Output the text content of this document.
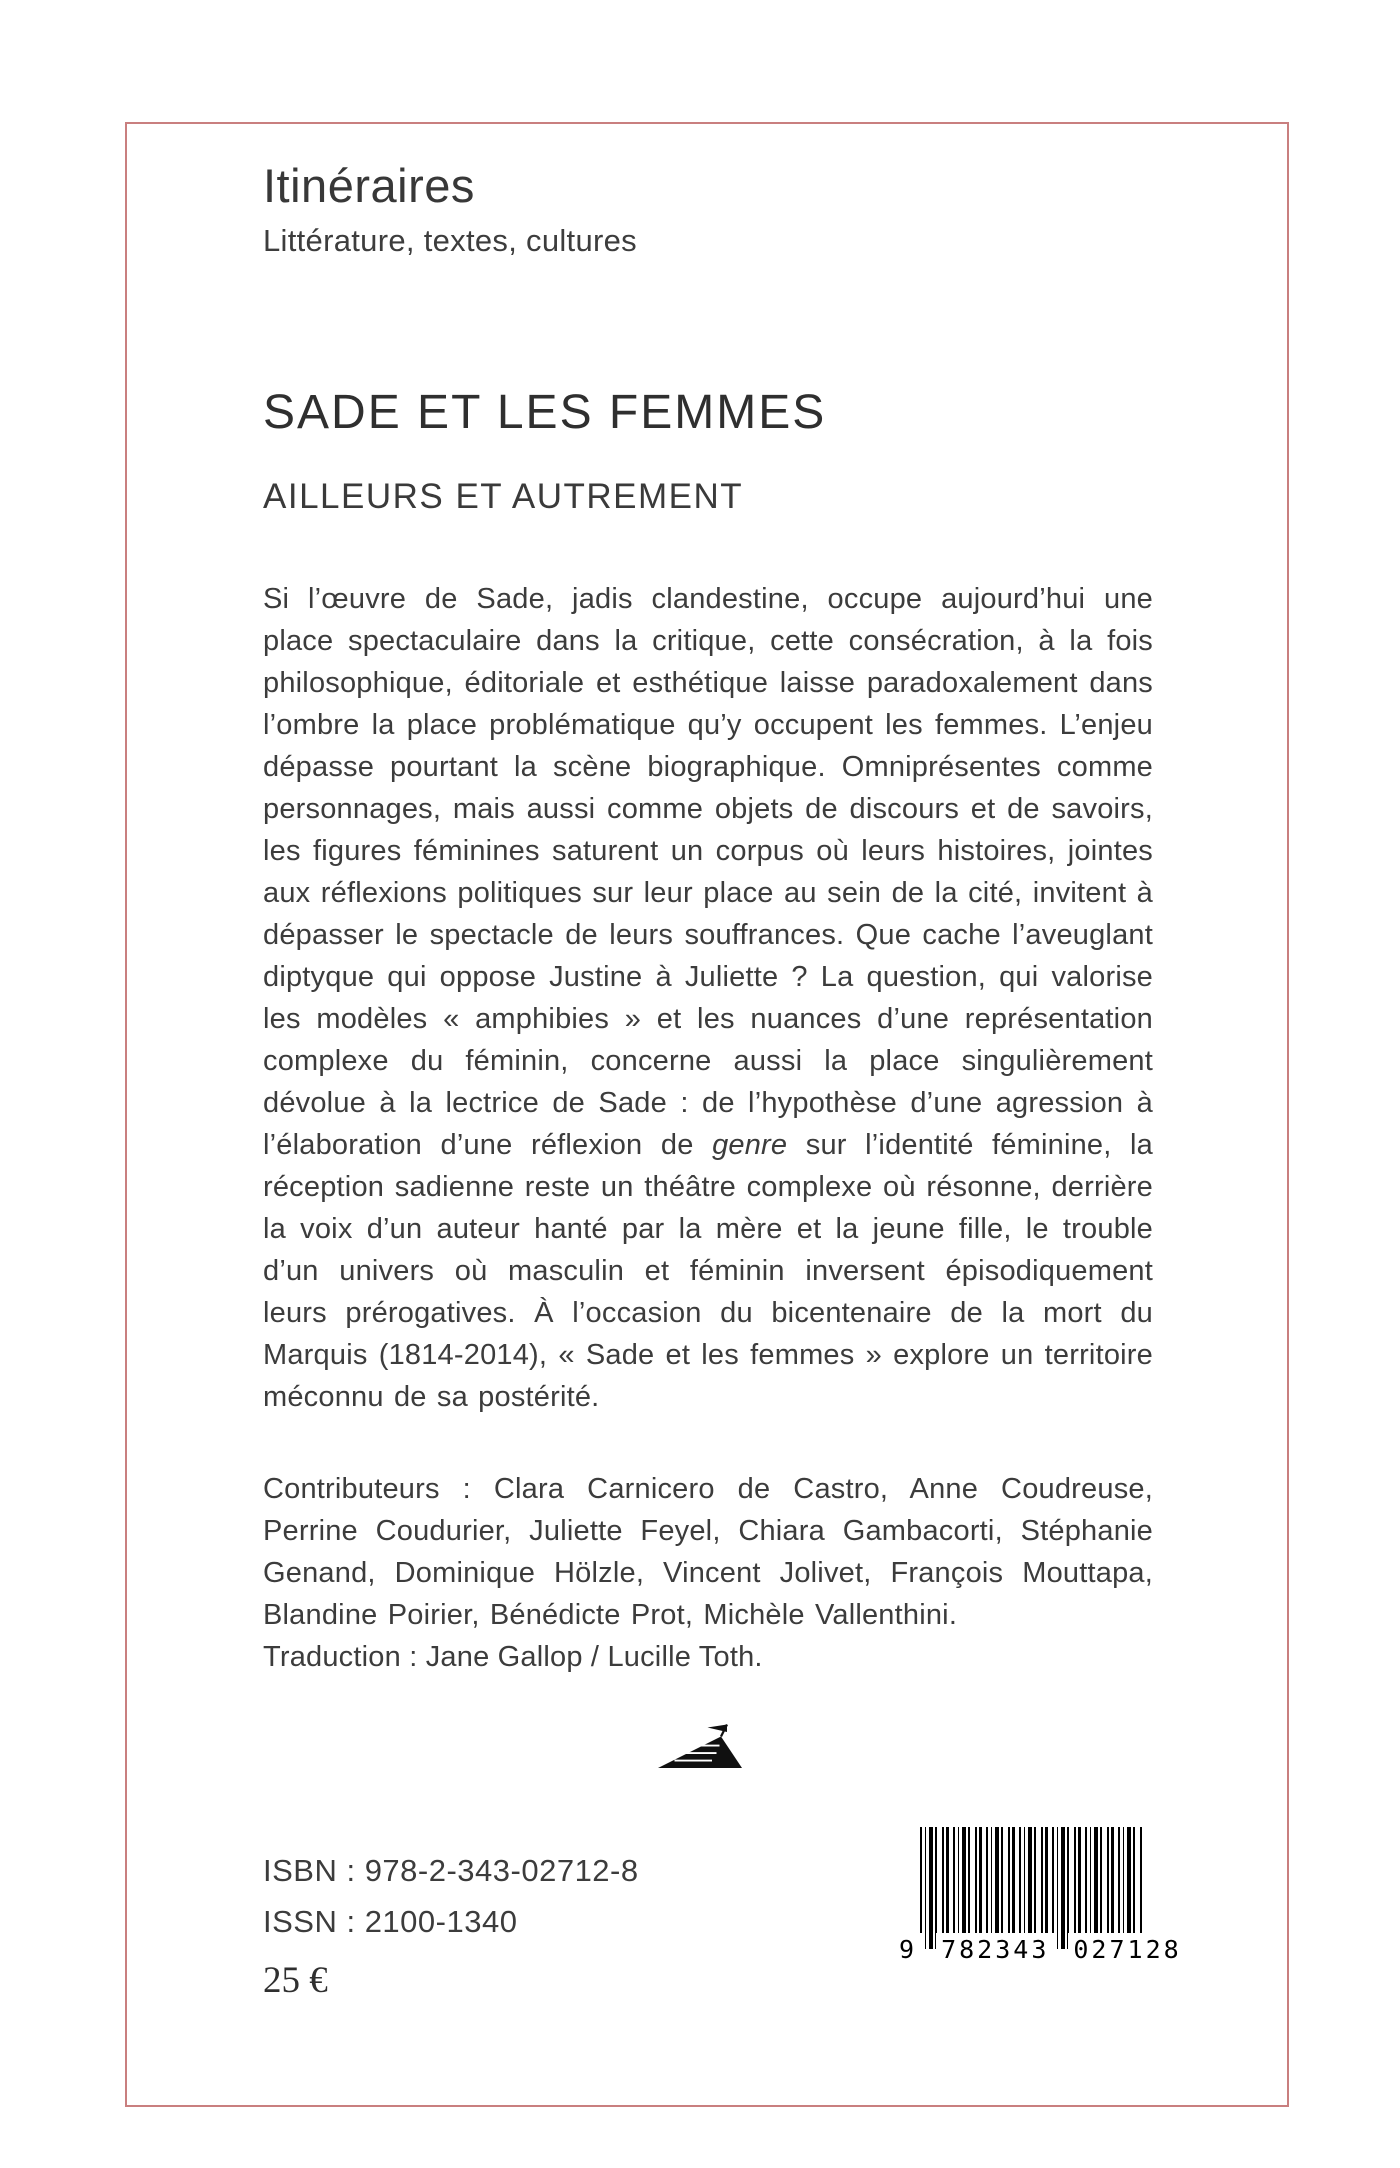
Itinéraires
Littérature, textes, cultures
SADE ET LES FEMMES
AILLEURS ET AUTREMENT

Si l’œuvre de Sade, jadis clandestine, occupe aujourd’hui une place spectaculaire dans la critique, cette consécration, à la fois philosophique, éditoriale et esthétique laisse paradoxalement dans l’ombre la place problématique qu’y occupent les femmes. L’enjeu dépasse pourtant la scène biographique. Omniprésentes comme personnages, mais aussi comme objets de discours et de savoirs, les figures féminines saturent un corpus où leurs histoires, jointes aux réflexions politiques sur leur place au sein de la cité, invitent à dépasser le spectacle de leurs souffrances. Que cache l’aveuglant diptyque qui oppose Justine à Juliette ? La question, qui valorise les modèles « amphibies » et les nuances d’une représentation complexe du féminin, concerne aussi la place singulièrement dévolue à la lectrice de Sade : de l’hypothèse d’une agression à l’élaboration d’une réflexion de genre sur l’identité féminine, la réception sadienne reste un théâtre complexe où résonne, derrière la voix d’un auteur hanté par la mère et la jeune fille, le trouble d’un univers où masculin et féminin inversent épisodiquement leurs prérogatives. À l’occasion du bicentenaire de la mort du Marquis (1814-2014), « Sade et les femmes » explore un territoire méconnu de sa postérité.

Contributeurs : Clara Carnicero de Castro, Anne Coudreuse, Perrine Coudurier, Juliette Feyel, Chiara Gambacorti, Stéphanie Genand, Dominique Hölzle, Vincent Jolivet, François Mouttapa, Blandine Poirier, Bénédicte Prot, Michèle Vallenthini.

Traduction : Jane Gallop / Lucille Toth.

ISBN : 978-2-343-02712-8
ISSN : 2100-1340
25 €
9 782343 027128
